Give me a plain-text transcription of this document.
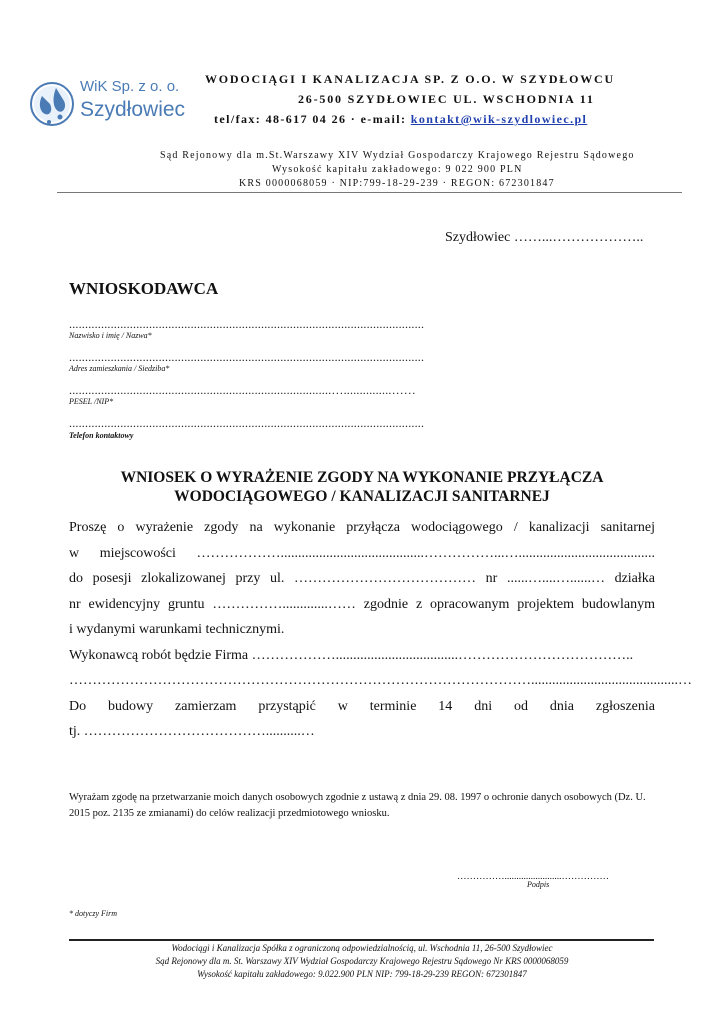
WiK Sp. z o. o.
Szydłowiec
WODOCIĄGI I KANALIZACJA SP. Z O.O. W SZYDŁOWCU
26-500 SZYDŁOWIEC UL. WSCHODNIA 11
tel/fax: 48-617 04 26 · e-mail: kontakt@wik-szydlowiec.pl
Sąd Rejonowy dla m.St.Warszawy XIV Wydział Gospodarczy Krajowego Rejestru Sądowego
Wysokość kapitału zakładowego: 9 022 900 PLN
KRS 0000068059 · NIP:799-18-29-239 · REGON: 672301847
Szydłowiec ……...………………..
WNIOSKODAWCA
...............................................................................................................
Nazwisko i imię / Nazwa*
...............................................................................................................
Adres zamieszkania / Siedziba*
..................................................................................…...............……
PESEL /NIP*
...............................................................................................................
Telefon kontaktowy
WNIOSEK O WYRAŻENIE ZGODY NA WYKONANIE PRZYŁĄCZA
WODOCIĄGOWEGO / KANALIZACJI SANITARNEJ
Proszę o wyrażenie zgody na wykonanie przyłącza wodociągowego / kanalizacji sanitarnej
w miejscowości ……………….........................................……………...….......................................
do posesji zlokalizowanej przy ul. ………………………………… nr ......…....…......… działka
nr ewidencyjny gruntu …………….............…… zgodnie z opracowanym projektem budowlanym
i wydanymi warunkami technicznymi.
Wykonawcą robót będzie Firma ………………...................................………………………………..
………………………………………………………………………………………..........................................…
Do budowy zamierzam przystąpić w terminie 14 dni od dnia zgłoszenia
tj. …………………………………..........…
Wyrażam zgodę na przetwarzanie moich danych osobowych zgodnie z ustawą z dnia 29. 08. 1997 o ochronie danych osobowych (Dz. U. 2015 poz. 2135 ze zmianami) do celów realizacji przedmiotowego wniosku.
……………........................……………
Podpis
* dotyczy Firm
Wodociągi i Kanalizacja Spółka z ograniczoną odpowiedzialnością, ul. Wschodnia 11, 26-500 Szydłowiec
Sąd Rejonowy dla m. St. Warszawy XIV Wydział Gospodarczy Krajowego Rejestru Sądowego Nr KRS 0000068059
Wysokość kapitału zakładowego: 9.022.900 PLN NIP: 799-18-29-239 REGON: 672301847
